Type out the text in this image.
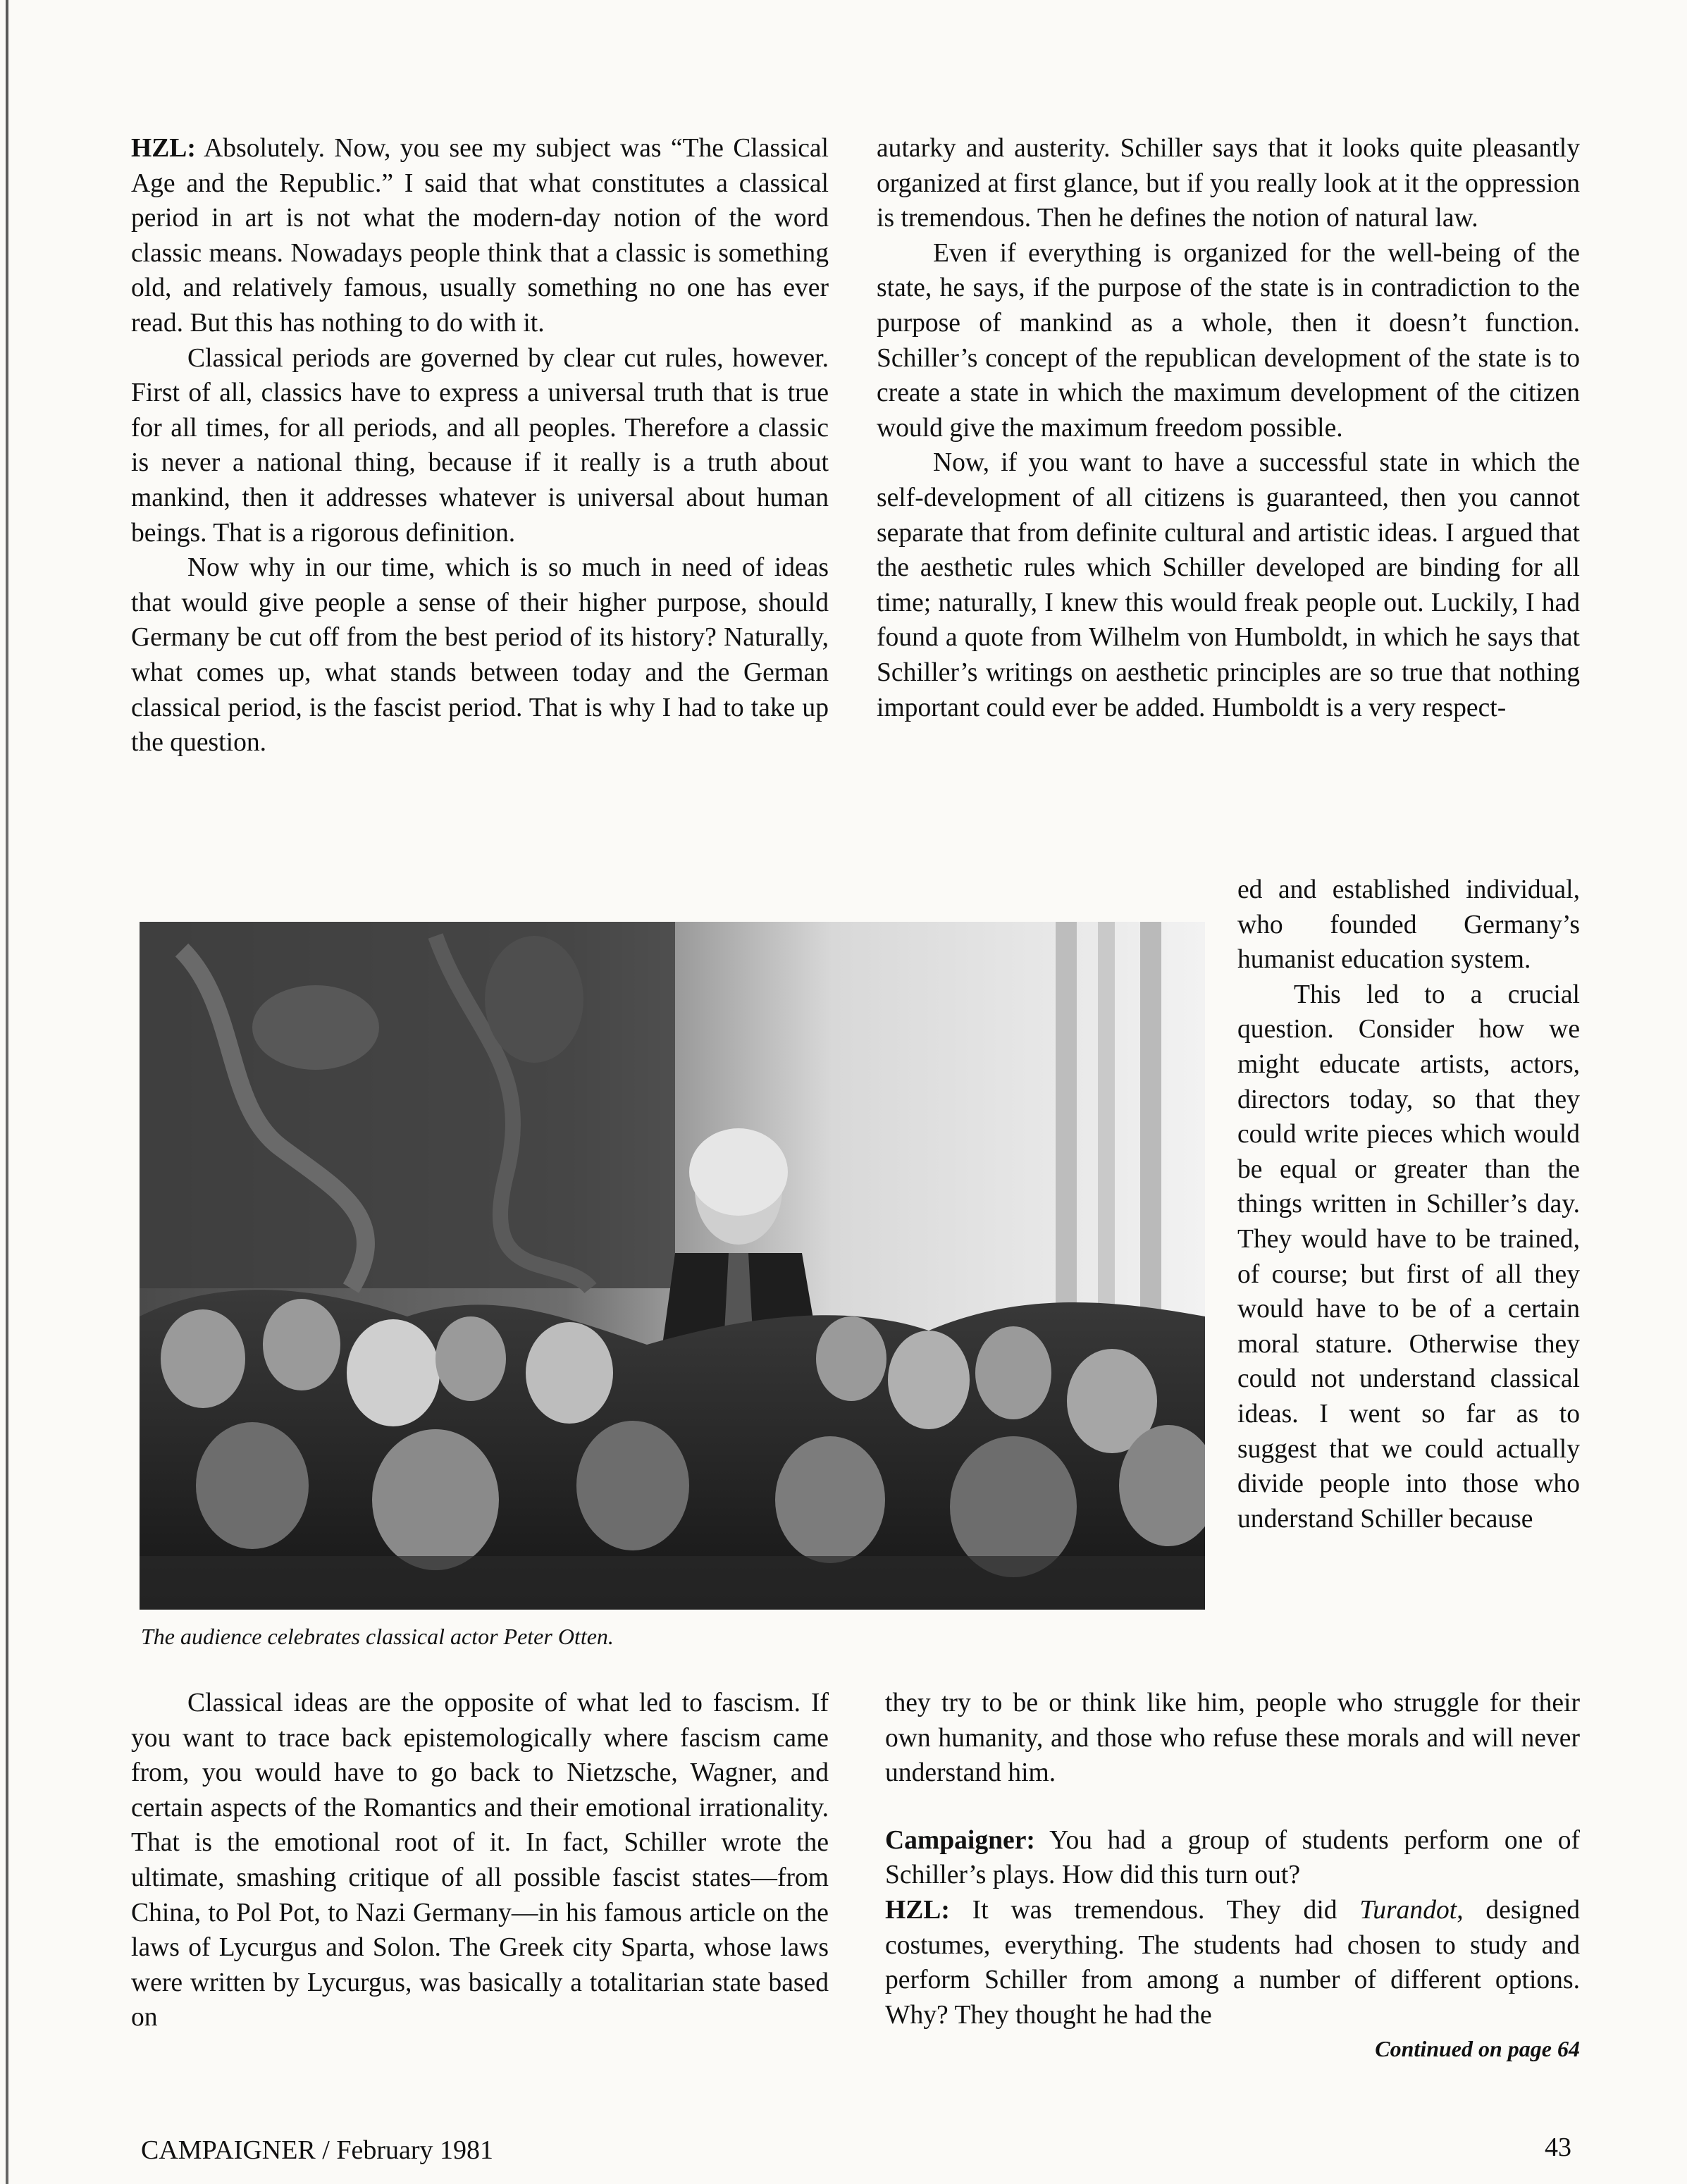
HZL: Absolutely. Now, you see my subject was “The Classical Age and the Republic.” I said that what constitutes a classical period in art is not what the modern-day notion of the word classic means. Nowadays people think that a classic is something old, and relatively famous, usually something no one has ever read. But this has nothing to do with it.

Classical periods are governed by clear cut rules, however. First of all, classics have to express a universal truth that is true for all times, for all periods, and all peoples. Therefore a classic is never a national thing, because if it really is a truth about mankind, then it addresses whatever is universal about human beings. That is a rigorous definition.

Now why in our time, which is so much in need of ideas that would give people a sense of their higher purpose, should Germany be cut off from the best period of its history? Naturally, what comes up, what stands between today and the German classical period, is the fascist period. That is why I had to take up the question.

autarky and austerity. Schiller says that it looks quite pleasantly organized at first glance, but if you really look at it the oppression is tremendous. Then he defines the notion of natural law.

Even if everything is organized for the well-being of the state, he says, if the purpose of the state is in contradiction to the purpose of mankind as a whole, then it doesn’t function. Schiller’s concept of the republican development of the state is to create a state in which the maximum development of the citizen would give the maximum freedom possible.

Now, if you want to have a successful state in which the self-development of all citizens is guaranteed, then you cannot separate that from definite cultural and artistic ideas. I argued that the aesthetic rules which Schiller developed are binding for all time; naturally, I knew this would freak people out. Luckily, I had found a quote from Wilhelm von Humboldt, in which he says that Schiller’s writings on aesthetic principles are so true that nothing important could ever be added. Humboldt is a very respect-

The audience celebrates classical actor Peter Otten.

ed and established individual, who founded Germany’s humanist education system.

This led to a crucial question. Consider how we might educate artists, actors, directors today, so that they could write pieces which would be equal or greater than the things written in Schiller’s day. They would have to be trained, of course; but first of all they would have to be of a certain moral stature. Otherwise they could not understand classical ideas. I went so far as to suggest that we could actually divide people into those who understand Schiller because

Classical ideas are the opposite of what led to fascism. If you want to trace back epistemologically where fascism came from, you would have to go back to Nietzsche, Wagner, and certain aspects of the Romantics and their emotional irrationality. That is the emotional root of it. In fact, Schiller wrote the ultimate, smashing critique of all possible fascist states—from China, to Pol Pot, to Nazi Germany—in his famous article on the laws of Lycurgus and Solon. The Greek city Sparta, whose laws were written by Lycurgus, was basically a totalitarian state based on

they try to be or think like him, people who struggle for their own humanity, and those who refuse these morals and will never understand him.

Campaigner: You had a group of students perform one of Schiller’s plays. How did this turn out?

HZL: It was tremendous. They did Turandot, designed costumes, everything. The students had chosen to study and perform Schiller from among a number of different options. Why? They thought he had the

Continued on page 64
CAMPAIGNER / February 1981	43
